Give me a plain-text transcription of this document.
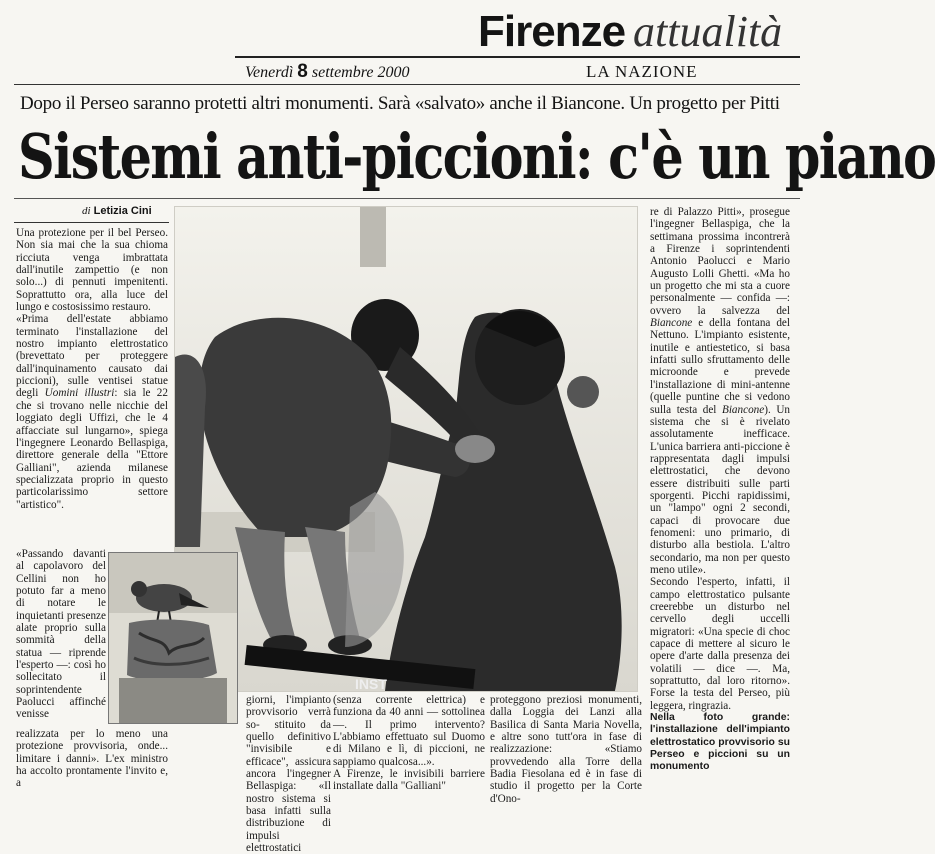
Firenze attualità
Venerdì 8 settembre 2000	LA NAZIONE
Dopo il Perseo saranno protetti altri monumenti. Sarà «salvato» anche il Biancone. Un progetto per Pitti
Sistemi anti-piccioni: c'è un piano
di Letizia Cini

Una protezione per il bel Perseo. Non sia mai che la sua chioma ricciuta venga imbrattata dall'inutile zampettio (e non solo...) di pennuti impenitenti. Soprattutto ora, alla luce del lungo e costosissimo restauro.

«Prima dell'estate abbiamo terminato l'installazione del nostro impianto elettrostatico (brevettato per proteggere dall'inquinamento causato dai piccioni), sulle ventisei statue degli Uomini illustri: sia le 22 che si trovano nelle nicchie del loggiato degli Uffizi, che le 4 affacciate sul lungarno», spiega l'ingegnere Leonardo Bellaspiga, direttore generale della "Ettore Galliani", azienda milanese specializzata proprio in questo particolarissimo settore "artistico".

«Passando davanti al capolavoro del Cellini non ho potuto far a meno di notare le inquietanti presenze alate proprio sulla sommità della statua — riprende l'esperto —: così ho sollecitato il soprintendente Paolucci affinché venisse

realizzata per lo meno una protezione provvisoria, onde... limitare i danni». L'ex ministro ha accolto prontamente l'invito e, a

giorni, l'impianto provvisorio verrà so- stituito da quello definitivo "invisibile e efficace", assicura ancora l'ingegner Bellaspiga: «Il nostro sistema si basa infatti sulla distribuzione di impulsi elettrostatici

(senza corrente elettrica) e funziona da 40 anni — sottolinea —. Il primo intervento? L'abbiamo effettuato sul Duomo di Milano e lì, di piccioni, ne sappiamo qualcosa...».

A Firenze, le invisibili barriere installate dalla "Galliani"

proteggono preziosi monumenti, dalla Loggia dei Lanzi alla Basilica di Santa Maria Novella, e altre sono tutt'ora in fase di realizzazione: «Stiamo provvedendo alla Torre della Badia Fiesolana ed è in fase di studio il progetto per la Corte d'Ono-

re di Palazzo Pitti», prosegue l'ingegner Bellaspiga, che la settimana prossima incontrerà a Firenze i soprintendenti Antonio Paolucci e Mario Augusto Lolli Ghetti. «Ma ho un progetto che mi sta a cuore personalmente — confida —: ovvero la salvezza del Biancone e della fontana del Nettuno. L'impianto esistente, inutile e antiestetico, si basa infatti sullo sfruttamento delle microonde e prevede l'installazione di mini-antenne (quelle puntine che si vedono sulla testa del Biancone). Un sistema che si è rivelato assolutamente inefficace. L'unica barriera anti-piccione è rappresentata dagli impulsi elettrostatici, che devono essere distribuiti sulle parti sporgenti. Picchi rapidissimi, un "lampo" ogni 2 secondi, capaci di provocare due fenomeni: uno primario, di disturbo alla bestiola. L'altro secondario, ma non per questo meno utile».

Secondo l'esperto, infatti, il campo elettrostatico pulsante creerebbe un disturbo nel cervello degli uccelli migratori: «Una specie di choc capace di mettere al sicuro le opere d'arte dalla presenza dei volatili — dice —. Ma, soprattutto, dal loro ritorno». Forse la testa del Perseo, più leggera, ringrazia.

Nella foto grande: l'installazione dell'impianto elettrostatico provvisorio su Perseo e piccioni su un monumento

INST
